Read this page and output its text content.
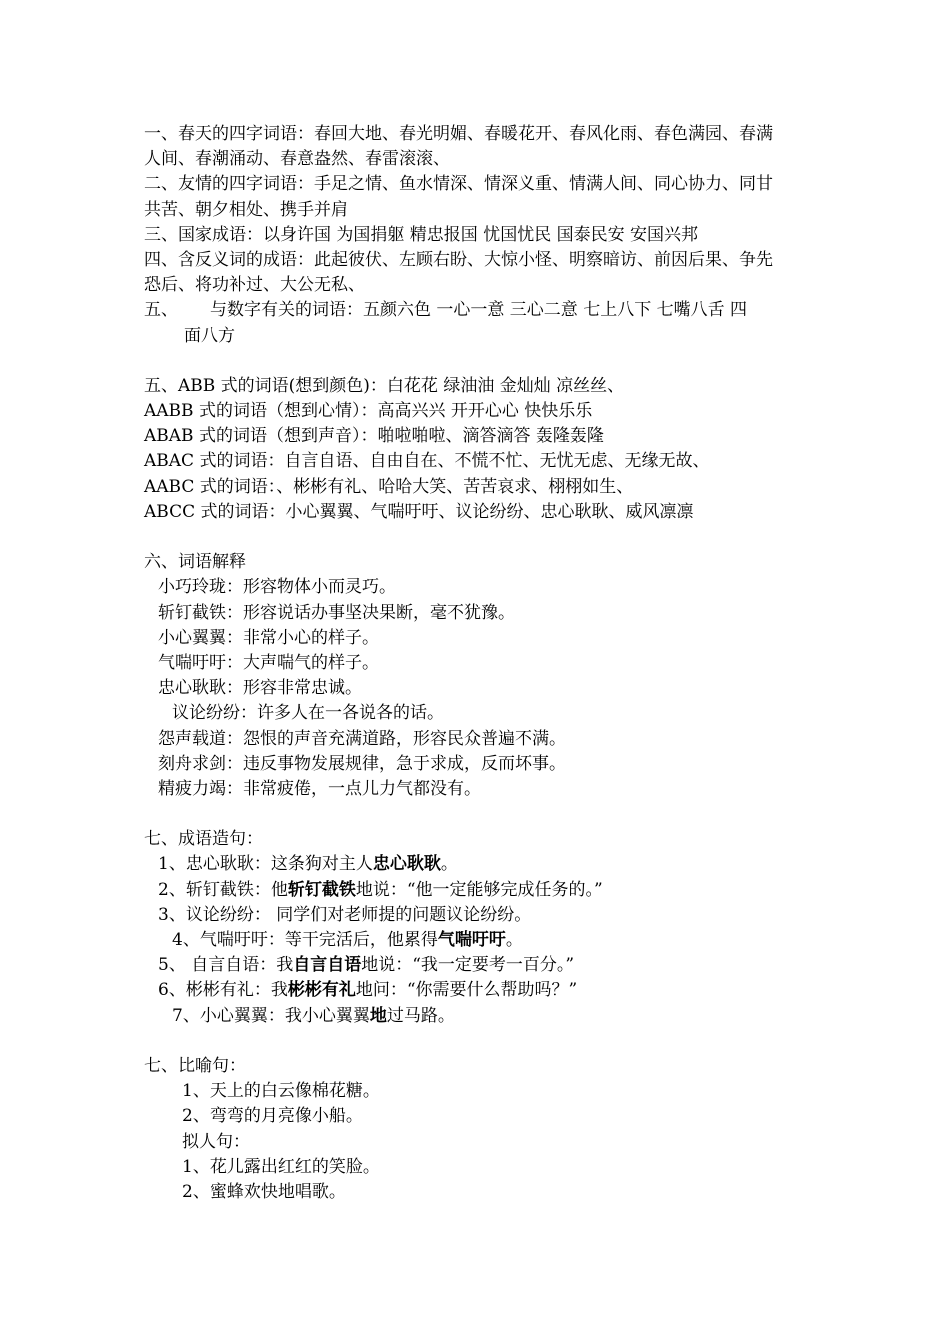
一、春天的四字词语：春回大地、春光明媚、春暖花开、春风化雨、春色满园、春满
人间、春潮涌动、春意盎然、春雷滚滚、
二、友情的四字词语：手足之情、鱼水情深、情深义重、情满人间、同心协力、同甘
共苦、朝夕相处、携手并肩
三、国家成语：以身许国 为国捐躯 精忠报国 忧国忧民 国泰民安 安国兴邦
四、含反义词的成语：此起彼伏、左顾右盼、大惊小怪、明察暗访、前因后果、争先
恐后、将功补过、大公无私、
五、 与数字有关的词语：五颜六色 一心一意 三心二意 七上八下 七嘴八舌 四
面八方
五、ABB 式的词语(想到颜色)：白花花 绿油油 金灿灿 凉丝丝、
AABB 式的词语（想到心情）：高高兴兴 开开心心 快快乐乐
ABAB 式的词语（想到声音）：啪啦啪啦、滴答滴答 轰隆轰隆
ABAC 式的词语：自言自语、自由自在、不慌不忙、无忧无虑、无缘无故、
AABC 式的词语：、彬彬有礼、哈哈大笑、苦苦哀求、栩栩如生、
ABCC 式的词语：小心翼翼、气喘吁吁、议论纷纷、忠心耿耿、威风凛凛
六、词语解释
小巧玲珑：形容物体小而灵巧。
斩钉截铁：形容说话办事坚决果断，毫不犹豫。
小心翼翼：非常小心的样子。
气喘吁吁：大声喘气的样子。
忠心耿耿：形容非常忠诚。
议论纷纷：许多人在一各说各的话。
怨声载道：怨恨的声音充满道路，形容民众普遍不满。
刻舟求剑：违反事物发展规律，急于求成，反而坏事。
精疲力竭：非常疲倦，一点儿力气都没有。
七、成语造句：
1、忠心耿耿：这条狗对主人忠心耿耿。
2、斩钉截铁：他斩钉截铁地说：“他一定能够完成任务的。”
3、议论纷纷： 同学们对老师提的问题议论纷纷。
4、气喘吁吁：等干完活后，他累得气喘吁吁。
5、 自言自语：我自言自语地说：“我一定要考一百分。”
6、彬彬有礼：我彬彬有礼地问：“你需要什么帮助吗？”
7、小心翼翼：我小心翼翼地过马路。
七、比喻句：
1、天上的白云像棉花糖。
2、弯弯的月亮像小船。
拟人句：
1、花儿露出红红的笑脸。
2、蜜蜂欢快地唱歌。
